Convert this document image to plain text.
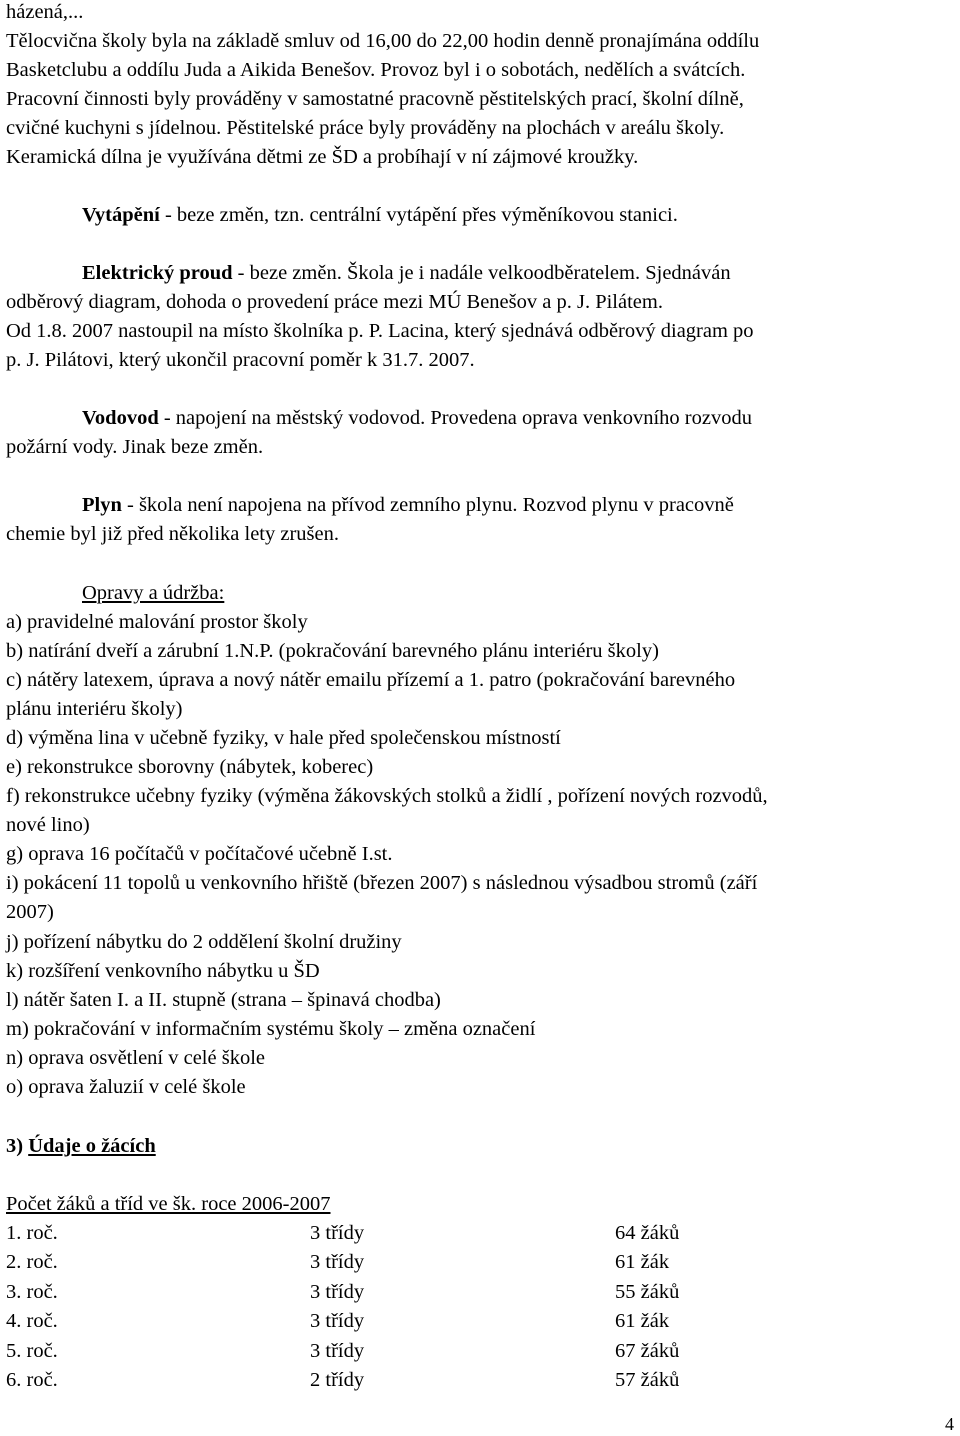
házená,...
Tělocvična školy byla na základě smluv od 16,00 do 22,00 hodin denně pronajímána oddílu
Basketclubu a oddílu Juda a Aikida Benešov. Provoz byl i o sobotách, nedělích a svátcích.
Pracovní činnosti byly prováděny v samostatné pracovně pěstitelských prací, školní dílně,
cvičné kuchyni s jídelnou. Pěstitelské práce byly prováděny na plochách v areálu školy.
Keramická dílna je využívána dětmi ze ŠD a probíhají v ní zájmové kroužky.
Vytápění - beze změn, tzn. centrální vytápění přes výměníkovou stanici.
Elektrický proud - beze změn. Škola je i nadále velkoodběratelem. Sjednáván
odběrový diagram, dohoda o provedení práce mezi MÚ Benešov a p. J. Pilátem.
Od 1.8. 2007 nastoupil na místo školníka p. P. Lacina, který sjednává odběrový diagram po
p. J. Pilátovi, který ukončil pracovní poměr k 31.7. 2007.
Vodovod - napojení na městský vodovod. Provedena oprava venkovního rozvodu
požární vody. Jinak beze změn.
Plyn - škola není napojena na přívod zemního plynu. Rozvod plynu v pracovně
chemie byl již před několika lety zrušen.
Opravy a údržba:
a) pravidelné malování prostor školy
b) natírání dveří a zárubní 1.N.P. (pokračování barevného plánu interiéru školy)
c) nátěry latexem, úprava a nový nátěr emailu přízemí a 1. patro (pokračování barevného
plánu interiéru školy)
d) výměna lina v učebně fyziky, v hale před společenskou místností
e) rekonstrukce sborovny (nábytek, koberec)
f) rekonstrukce učebny fyziky (výměna žákovských stolků a židlí , pořízení nových rozvodů,
nové lino)
g) oprava 16 počítačů v počítačové učebně I.st.
i) pokácení 11 topolů u venkovního hřiště (březen 2007) s následnou výsadbou stromů (září
2007)
j) pořízení nábytku do 2 oddělení školní družiny
k) rozšíření venkovního nábytku u ŠD
l) nátěr šaten I. a II. stupně (strana – špinavá chodba)
m) pokračování v informačním systému školy – změna označení
n) oprava osvětlení v celé škole
o) oprava žaluzií v celé škole
3) Údaje o žácích
Počet žáků a tříd ve šk. roce 2006-2007
1. roč.	3 třídy	64 žáků
2. roč.	3 třídy	61 žák
3. roč.	3 třídy	55 žáků
4. roč.	3 třídy	61 žák
5. roč.	3 třídy	67 žáků
6. roč.	2 třídy	57 žáků
4
